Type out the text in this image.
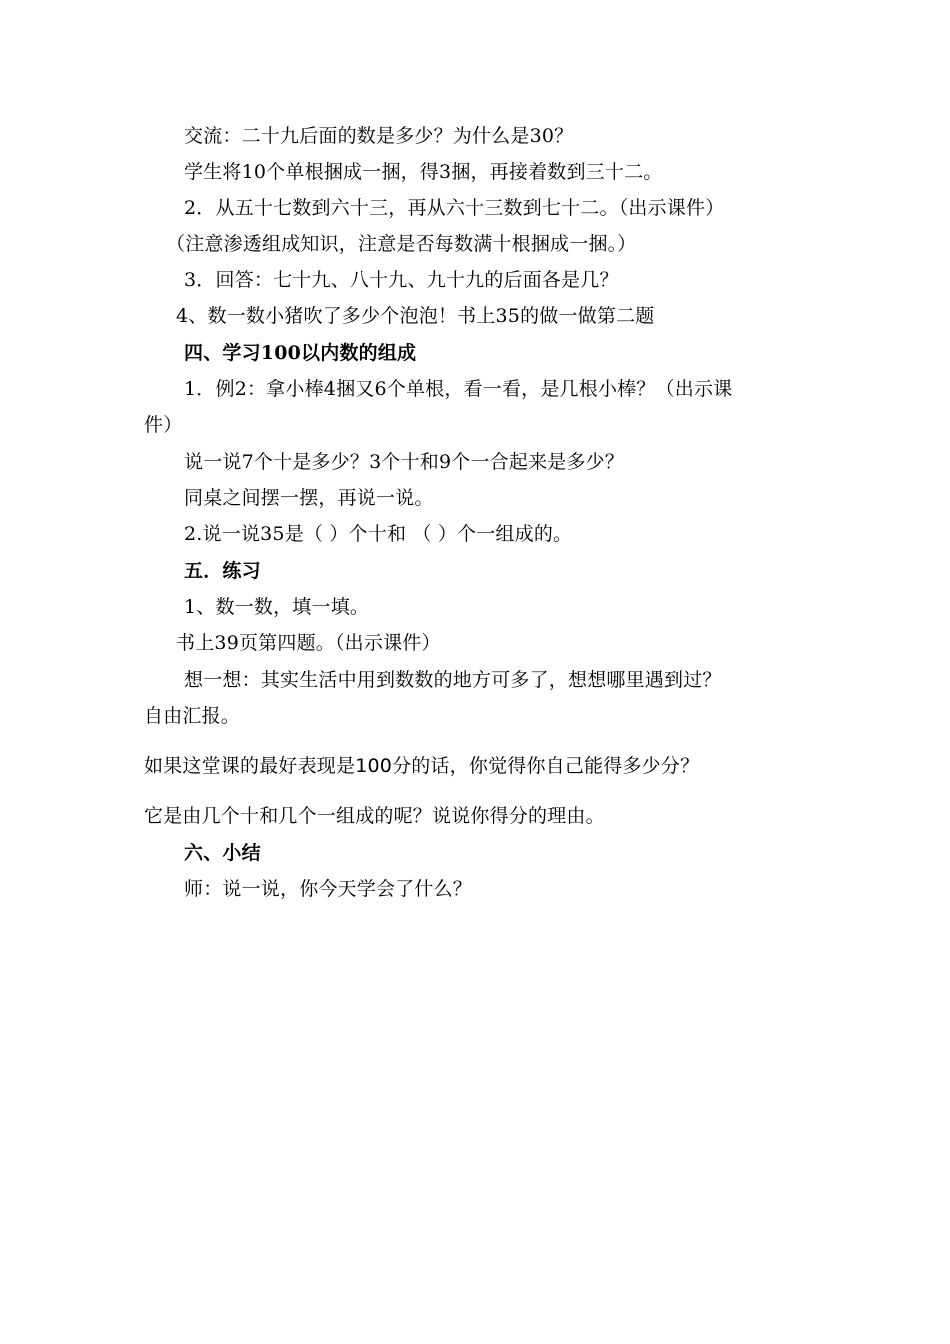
交流：二十九后面的数是多少？为什么是30？
学生将10个单根捆成一捆，得3捆，再接着数到三十二。
2．从五十七数到六十三，再从六十三数到七十二。（出示课件）
（注意渗透组成知识，注意是否每数满十根捆成一捆。）
3．回答：七十九、八十九、九十九的后面各是几？
4、数一数小猪吹了多少个泡泡！书上35的做一做第二题
四、学习100以内数的组成
1．例2：拿小棒4捆又6个单根，看一看，是几根小棒？（出示课
件）
说一说7个十是多少？3个十和9个一合起来是多少？
同桌之间摆一摆，再说一说。
2.说一说35是（ ）个十和 （ ）个一组成的。
五．练习
1、数一数，填一填。
书上39页第四题。（出示课件）
想一想：其实生活中用到数数的地方可多了，想想哪里遇到过？
自由汇报。
如果这堂课的最好表现是100分的话，你觉得你自己能得多少分？
它是由几个十和几个一组成的呢？说说你得分的理由。
六、小结
师：说一说，你今天学会了什么？
